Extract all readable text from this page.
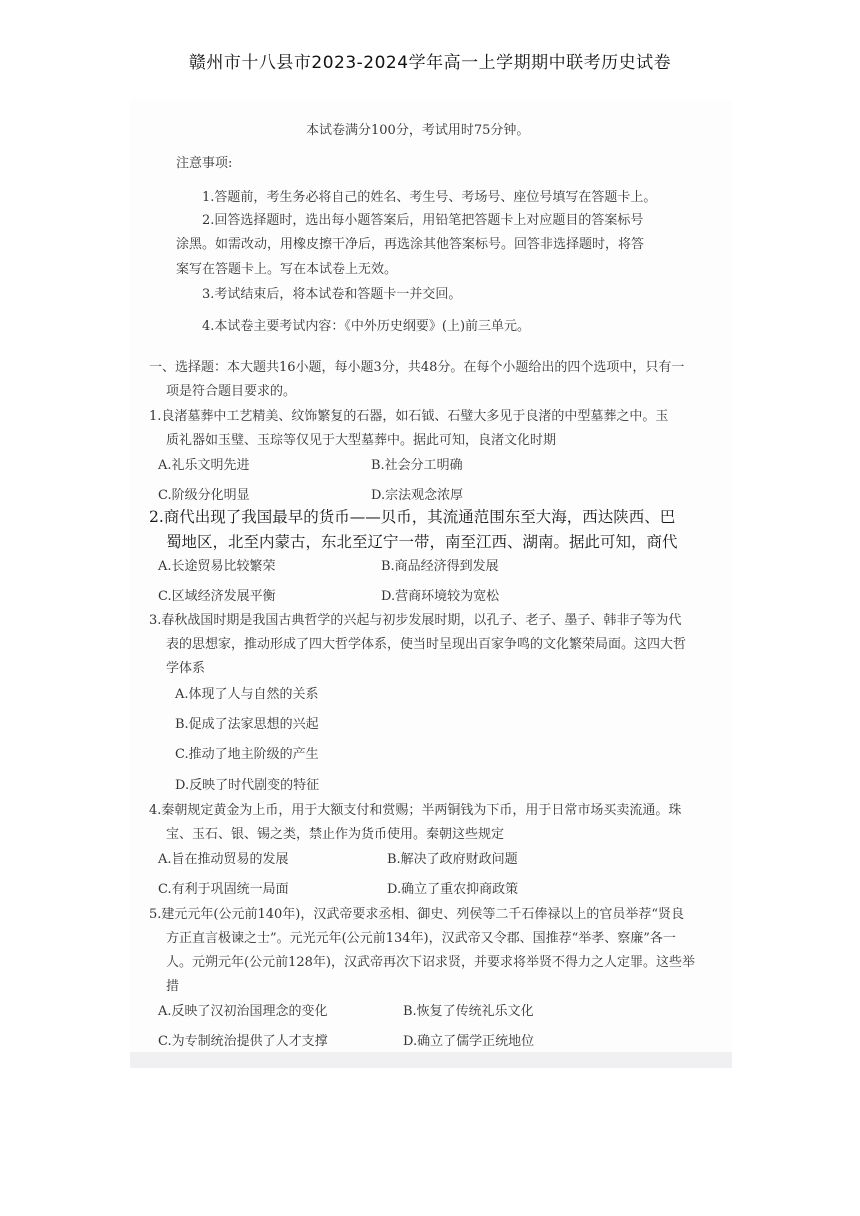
赣州市十八县市2023-2024学年高一上学期期中联考历史试卷
本试卷满分100分，考试用时75分钟。
注意事项:
1.答题前，考生务必将自己的姓名、考生号、考场号、座位号填写在答题卡上。
2.回答选择题时，选出每小题答案后，用铅笔把答题卡上对应题目的答案标号
涂黑。如需改动，用橡皮擦干净后，再选涂其他答案标号。回答非选择题时，将答
案写在答题卡上。写在本试卷上无效。
3.考试结束后，将本试卷和答题卡一并交回。
4.本试卷主要考试内容：《中外历史纲要》(上)前三单元。
一、选择题：本大题共16小题，每小题3分，共48分。在每个小题给出的四个选项中，只有一
项是符合题目要求的。
1.良渚墓葬中工艺精美、纹饰繁复的石器，如石钺、石璧大多见于良渚的中型墓葬之中。玉
质礼器如玉璧、玉琮等仅见于大型墓葬中。据此可知，良渚文化时期
A.礼乐文明先进	B.社会分工明确
C.阶级分化明显	D.宗法观念浓厚
2.商代出现了我国最早的货币——贝币，其流通范围东至大海，西达陕西、巴
蜀地区，北至内蒙古，东北至辽宁一带，南至江西、湖南。据此可知，商代
A.长途贸易比较繁荣	B.商品经济得到发展
C.区域经济发展平衡	D.营商环境较为宽松
3.春秋战国时期是我国古典哲学的兴起与初步发展时期，以孔子、老子、墨子、韩非子等为代
表的思想家，推动形成了四大哲学体系，使当时呈现出百家争鸣的文化繁荣局面。这四大哲
学体系
A.体现了人与自然的关系
B.促成了法家思想的兴起
C.推动了地主阶级的产生
D.反映了时代剧变的特征
4.秦朝规定黄金为上币，用于大额支付和赏赐；半两铜钱为下币，用于日常市场买卖流通。珠
宝、玉石、银、锡之类，禁止作为货币使用。秦朝这些规定
A.旨在推动贸易的发展	B.解决了政府财政问题
C.有利于巩固统一局面	D.确立了重农抑商政策
5.建元元年(公元前140年)，汉武帝要求丞相、御史、列侯等二千石俸禄以上的官员举荐“贤良
方正直言极谏之士”。元光元年(公元前134年)，汉武帝又令郡、国推荐“举孝、察廉”各一
人。元朔元年(公元前128年)，汉武帝再次下诏求贤，并要求将举贤不得力之人定罪。这些举
措
A.反映了汉初治国理念的变化	B.恢复了传统礼乐文化
C.为专制统治提供了人才支撑	D.确立了儒学正统地位
